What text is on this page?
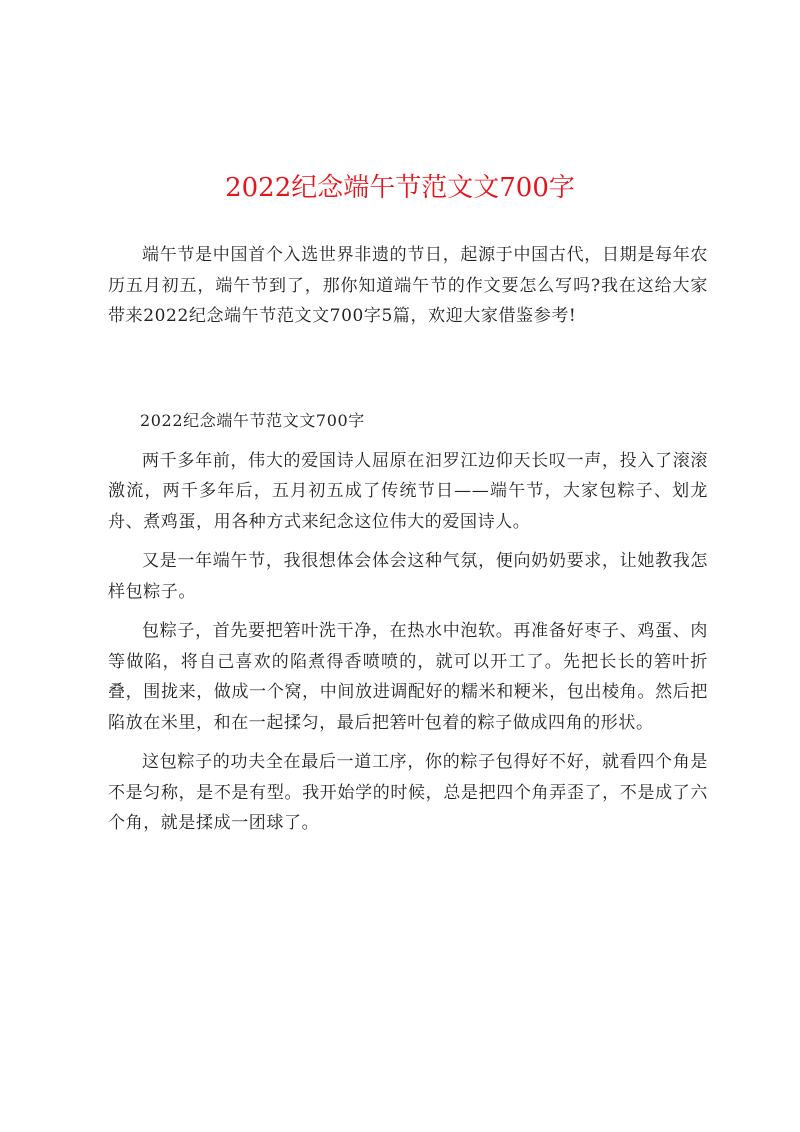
2022纪念端午节范文文700字

端午节是中国首个入选世界非遗的节日，起源于中国古代，日期是每年农历五月初五，端午节到了，那你知道端午节的作文要怎么写吗?我在这给大家带来2022纪念端午节范文文700字5篇，欢迎大家借鉴参考!

2022纪念端午节范文文700字

两千多年前，伟大的爱国诗人屈原在汩罗江边仰天长叹一声，投入了滚滚激流，两千多年后，五月初五成了传统节日——端午节，大家包粽子、划龙舟、煮鸡蛋，用各种方式来纪念这位伟大的爱国诗人。

又是一年端午节，我很想体会体会这种气氛，便向奶奶要求，让她教我怎样包粽子。

包粽子，首先要把箬叶洗干净，在热水中泡软。再准备好枣子、鸡蛋、肉等做陷，将自己喜欢的陷煮得香喷喷的，就可以开工了。先把长长的箬叶折叠，围拢来，做成一个窝，中间放进调配好的糯米和粳米，包出棱角。然后把陷放在米里，和在一起揉匀，最后把箬叶包着的粽子做成四角的形状。

这包粽子的功夫全在最后一道工序，你的粽子包得好不好，就看四个角是不是匀称，是不是有型。我开始学的时候，总是把四个角弄歪了，不是成了六个角，就是揉成一团球了。
